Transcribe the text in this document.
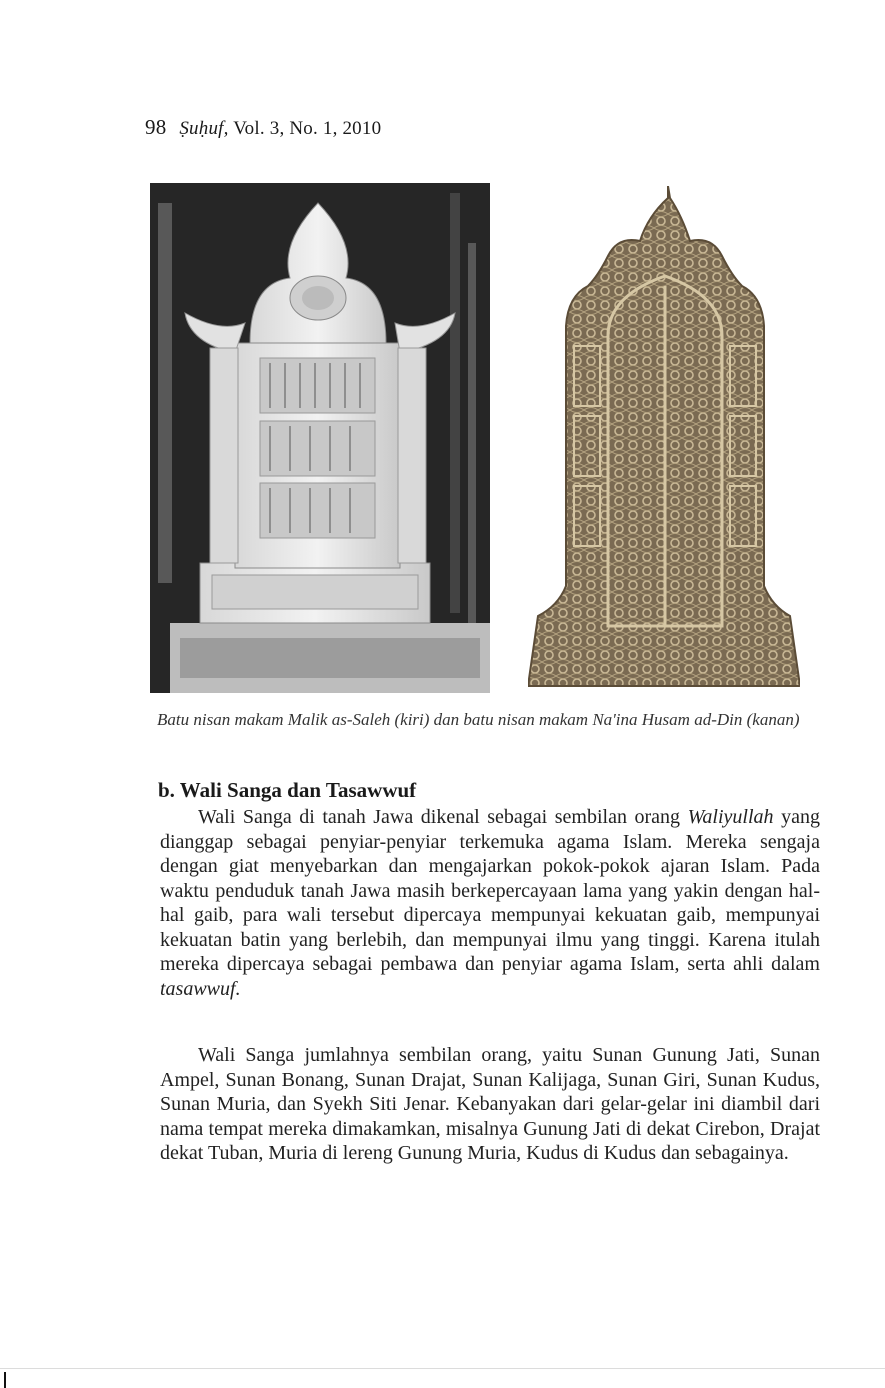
98 Ṣuḥuf, Vol. 3, No. 1, 2010
Batu nisan makam Malik as-Saleh (kiri) dan batu nisan makam Na'ina Husam ad-Din (kanan)
b. Wali Sanga dan Tasawwuf
Wali Sanga di tanah Jawa dikenal sebagai sembilan orang Waliyullah yang dianggap sebagai penyiar-penyiar terkemuka agama Islam. Mereka sengaja dengan giat menyebarkan dan mengajarkan pokok-pokok ajaran Islam. Pada waktu penduduk tanah Jawa masih berkepercayaan lama yang yakin dengan hal-hal gaib, para wali tersebut dipercaya mempunyai kekuatan gaib, mempunyai kekuatan batin yang berlebih, dan mempunyai ilmu yang tinggi. Karena itulah mereka dipercaya sebagai pembawa dan penyiar agama Islam, serta ahli dalam tasawwuf.
Wali Sanga jumlahnya sembilan orang, yaitu Sunan Gunung Jati, Sunan Ampel, Sunan Bonang, Sunan Drajat, Sunan Kalijaga, Sunan Giri, Sunan Kudus, Sunan Muria, dan Syekh Siti Jenar. Kebanyakan dari gelar-gelar ini diambil dari nama tempat mereka dimakamkan, misalnya Gunung Jati di dekat Cirebon, Drajat dekat Tuban, Muria di lereng Gunung Muria, Kudus di Kudus dan sebagainya.
